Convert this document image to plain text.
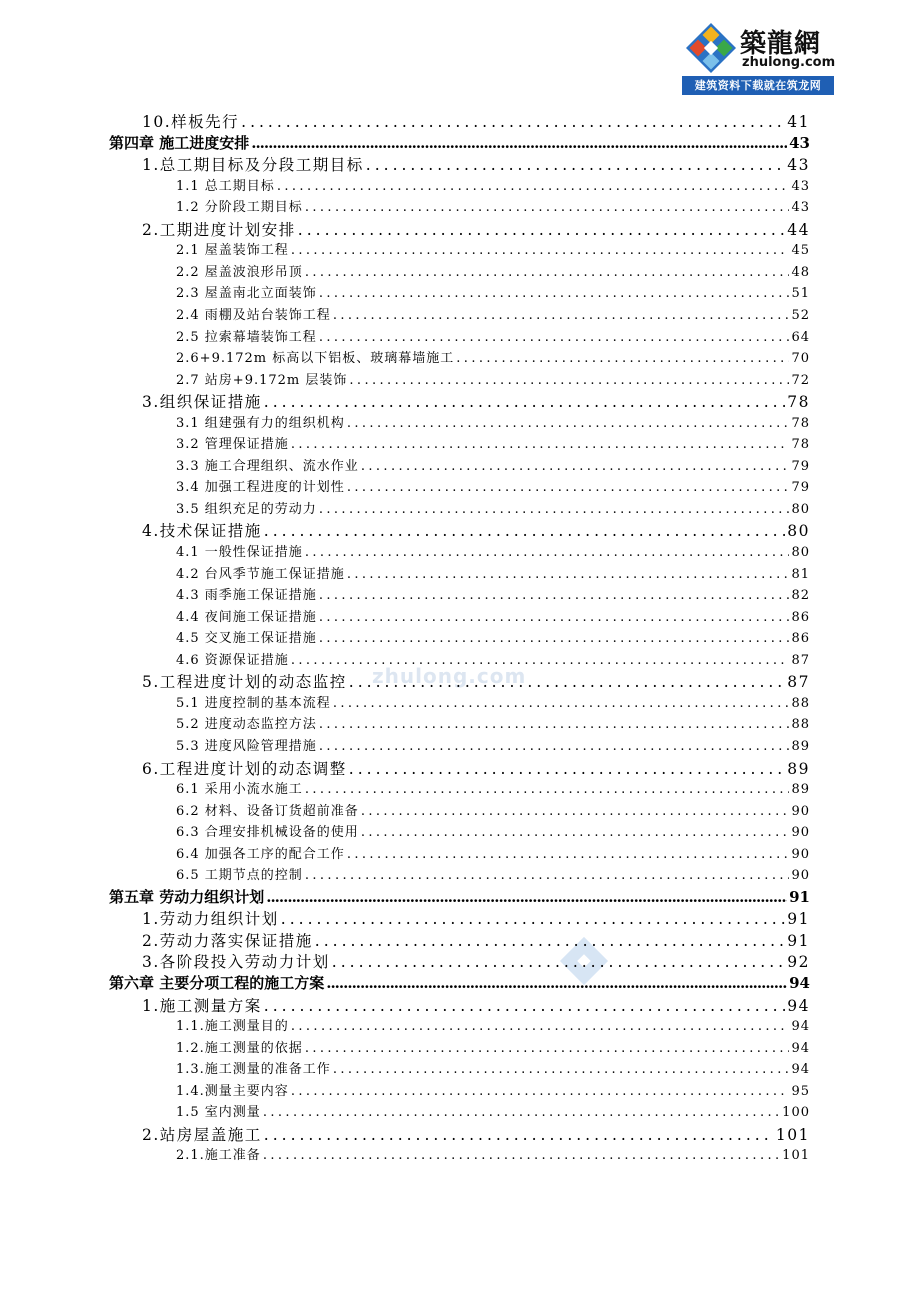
築龍網
zhulong.com
建筑资料下载就在筑龙网
zhulong.com
10.样板先行 .....	41
第四章 施工进度安排 .....	43
1.总工期目标及分段工期目标 .....	43
1.1 总工期目标 .....	43
1.2 分阶段工期目标 .....	43
2.工期进度计划安排 .....	44
2.1 屋盖装饰工程 .....	45
2.2 屋盖波浪形吊顶 .....	48
2.3 屋盖南北立面装饰 .....	51
2.4 雨棚及站台装饰工程 .....	52
2.5 拉索幕墙装饰工程 .....	64
2.6+9.172m 标高以下铝板、玻璃幕墙施工 .....	70
2.7 站房+9.172m 层装饰 .....	72
3.组织保证措施 .....	78
3.1 组建强有力的组织机构 .....	78
3.2 管理保证措施 .....	78
3.3 施工合理组织、流水作业 .....	79
3.4 加强工程进度的计划性 .....	79
3.5 组织充足的劳动力 .....	80
4.技术保证措施 .....	80
4.1 一般性保证措施 .....	80
4.2 台风季节施工保证措施 .....	81
4.3 雨季施工保证措施 .....	82
4.4 夜间施工保证措施 .....	86
4.5 交叉施工保证措施 .....	86
4.6 资源保证措施 .....	87
5.工程进度计划的动态监控 .....	87
5.1 进度控制的基本流程 .....	88
5.2 进度动态监控方法 .....	88
5.3 进度风险管理措施 .....	89
6.工程进度计划的动态调整 .....	89
6.1 采用小流水施工 .....	89
6.2 材料、设备订货超前准备 .....	90
6.3 合理安排机械设备的使用 .....	90
6.4 加强各工序的配合工作 .....	90
6.5 工期节点的控制 .....	90
第五章 劳动力组织计划 .....	91
1.劳动力组织计划 .....	91
2.劳动力落实保证措施 .....	91
3.各阶段投入劳动力计划 .....	92
第六章 主要分项工程的施工方案 .....	94
1.施工测量方案 .....	94
1.1.施工测量目的 .....	94
1.2.施工测量的依据 .....	94
1.3.施工测量的准备工作 .....	94
1.4.测量主要内容 .....	95
1.5 室内测量 .....	100
2.站房屋盖施工 .....	101
2.1.施工准备 .....	101
